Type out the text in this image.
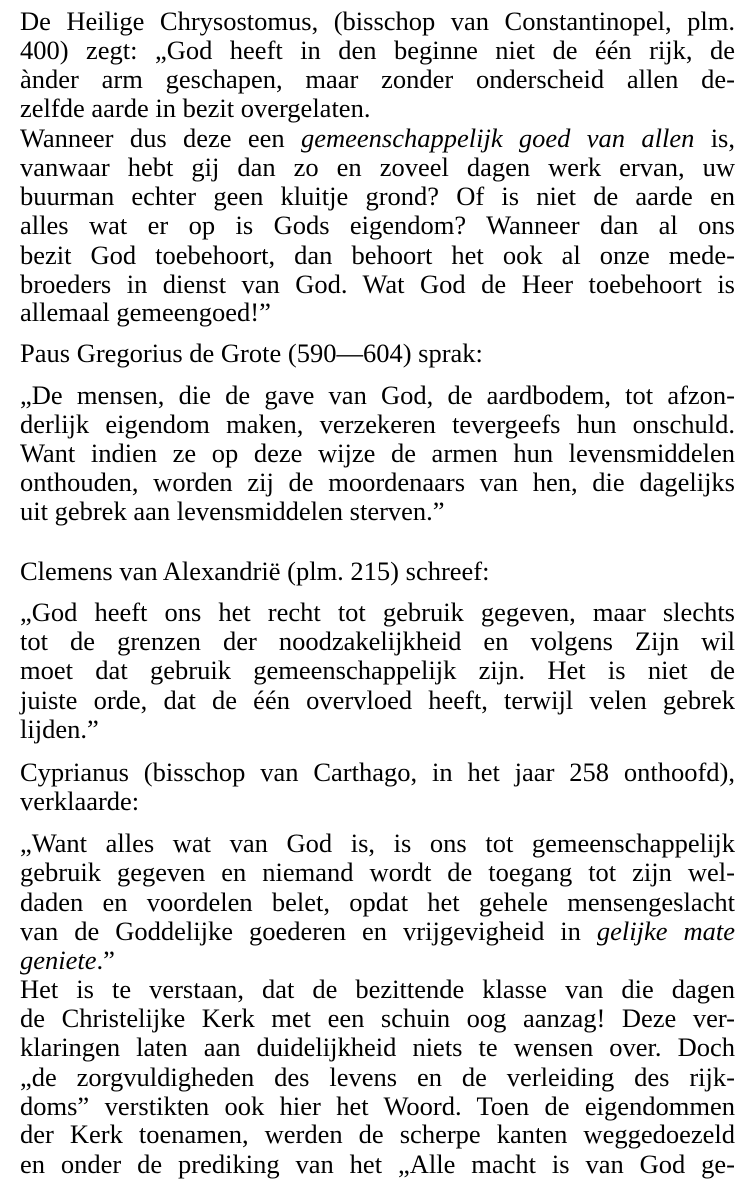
De Heilige Chrysostomus, (bisschop van Constantinopel, plm.
400) zegt: „God heeft in den beginne niet de één rijk, de
ànder arm geschapen, maar zonder onderscheid allen de-
zelfde aarde in bezit overgelaten.
Wanneer dus deze een gemeenschappelijk goed van allen is,
vanwaar hebt gij dan zo en zoveel dagen werk ervan, uw
buurman echter geen kluitje grond? Of is niet de aarde en
alles wat er op is Gods eigendom? Wanneer dan al ons
bezit God toebehoort, dan behoort het ook al onze mede-
broeders in dienst van God. Wat God de Heer toebehoort is
allemaal gemeengoed!”
Paus Gregorius de Grote (590—604) sprak:
„De mensen, die de gave van God, de aardbodem, tot afzon-
derlijk eigendom maken, verzekeren tevergeefs hun onschuld.
Want indien ze op deze wijze de armen hun levensmiddelen
onthouden, worden zij de moordenaars van hen, die dagelijks
uit gebrek aan levensmiddelen sterven.”
Clemens van Alexandrië (plm. 215) schreef:
„God heeft ons het recht tot gebruik gegeven, maar slechts
tot de grenzen der noodzakelijkheid en volgens Zijn wil
moet dat gebruik gemeenschappelijk zijn. Het is niet de
juiste orde, dat de één overvloed heeft, terwijl velen gebrek
lijden.”
Cyprianus (bisschop van Carthago, in het jaar 258 onthoofd),
verklaarde:
„Want alles wat van God is, is ons tot gemeenschappelijk
gebruik gegeven en niemand wordt de toegang tot zijn wel-
daden en voordelen belet, opdat het gehele mensengeslacht
van de Goddelijke goederen en vrijgevigheid in gelijke mate
geniete.”
Het is te verstaan, dat de bezittende klasse van die dagen
de Christelijke Kerk met een schuin oog aanzag! Deze ver-
klaringen laten aan duidelijkheid niets te wensen over. Doch
„de zorgvuldigheden des levens en de verleiding des rijk-
doms” verstikten ook hier het Woord. Toen de eigendommen
der Kerk toenamen, werden de scherpe kanten weggedoezeld
en onder de prediking van het „Alle macht is van God ge-
